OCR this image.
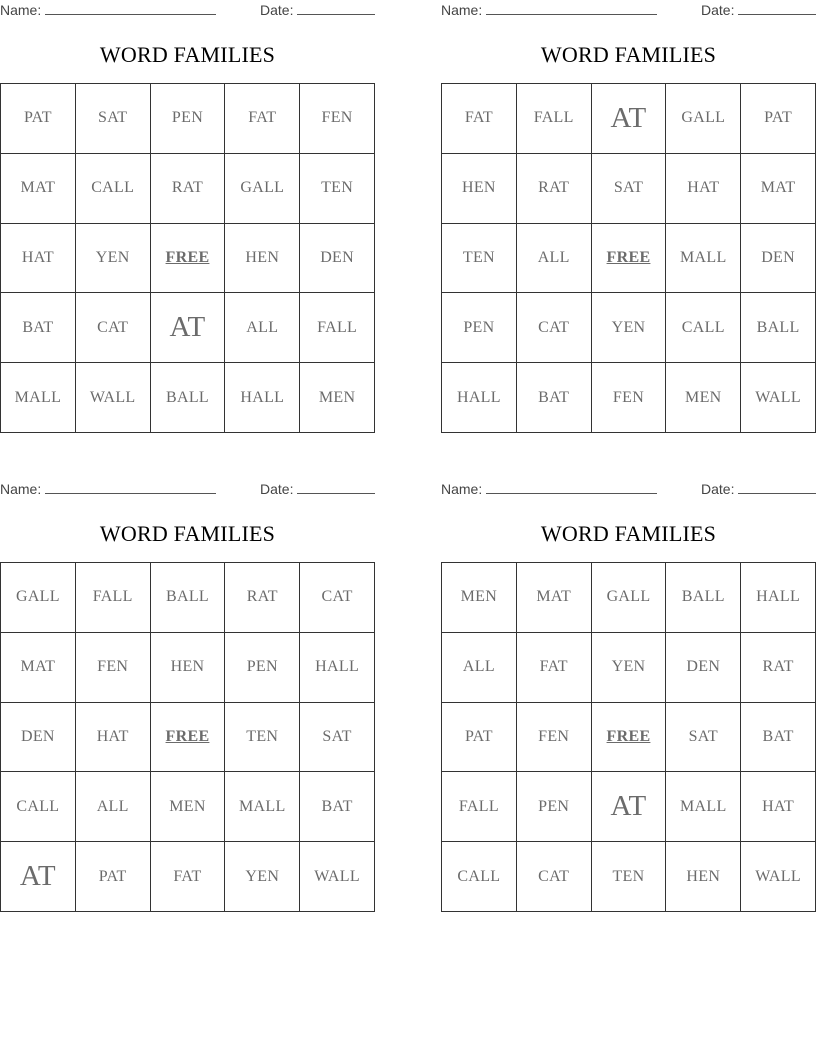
Name:	Date:
WORD FAMILIES
PAT	SAT	PEN	FAT	FEN
MAT	CALL	RAT	GALL	TEN
HAT	YEN	FREE	HEN	DEN
BAT	CAT	AT	ALL	FALL
MALL	WALL	BALL	HALL	MEN
Name:	Date:
WORD FAMILIES
FAT	FALL	AT	GALL	PAT
HEN	RAT	SAT	HAT	MAT
TEN	ALL	FREE	MALL	DEN
PEN	CAT	YEN	CALL	BALL
HALL	BAT	FEN	MEN	WALL
Name:	Date:
WORD FAMILIES
GALL	FALL	BALL	RAT	CAT
MAT	FEN	HEN	PEN	HALL
DEN	HAT	FREE	TEN	SAT
CALL	ALL	MEN	MALL	BAT
AT	PAT	FAT	YEN	WALL
Name:	Date:
WORD FAMILIES
MEN	MAT	GALL	BALL	HALL
ALL	FAT	YEN	DEN	RAT
PAT	FEN	FREE	SAT	BAT
FALL	PEN	AT	MALL	HAT
CALL	CAT	TEN	HEN	WALL
